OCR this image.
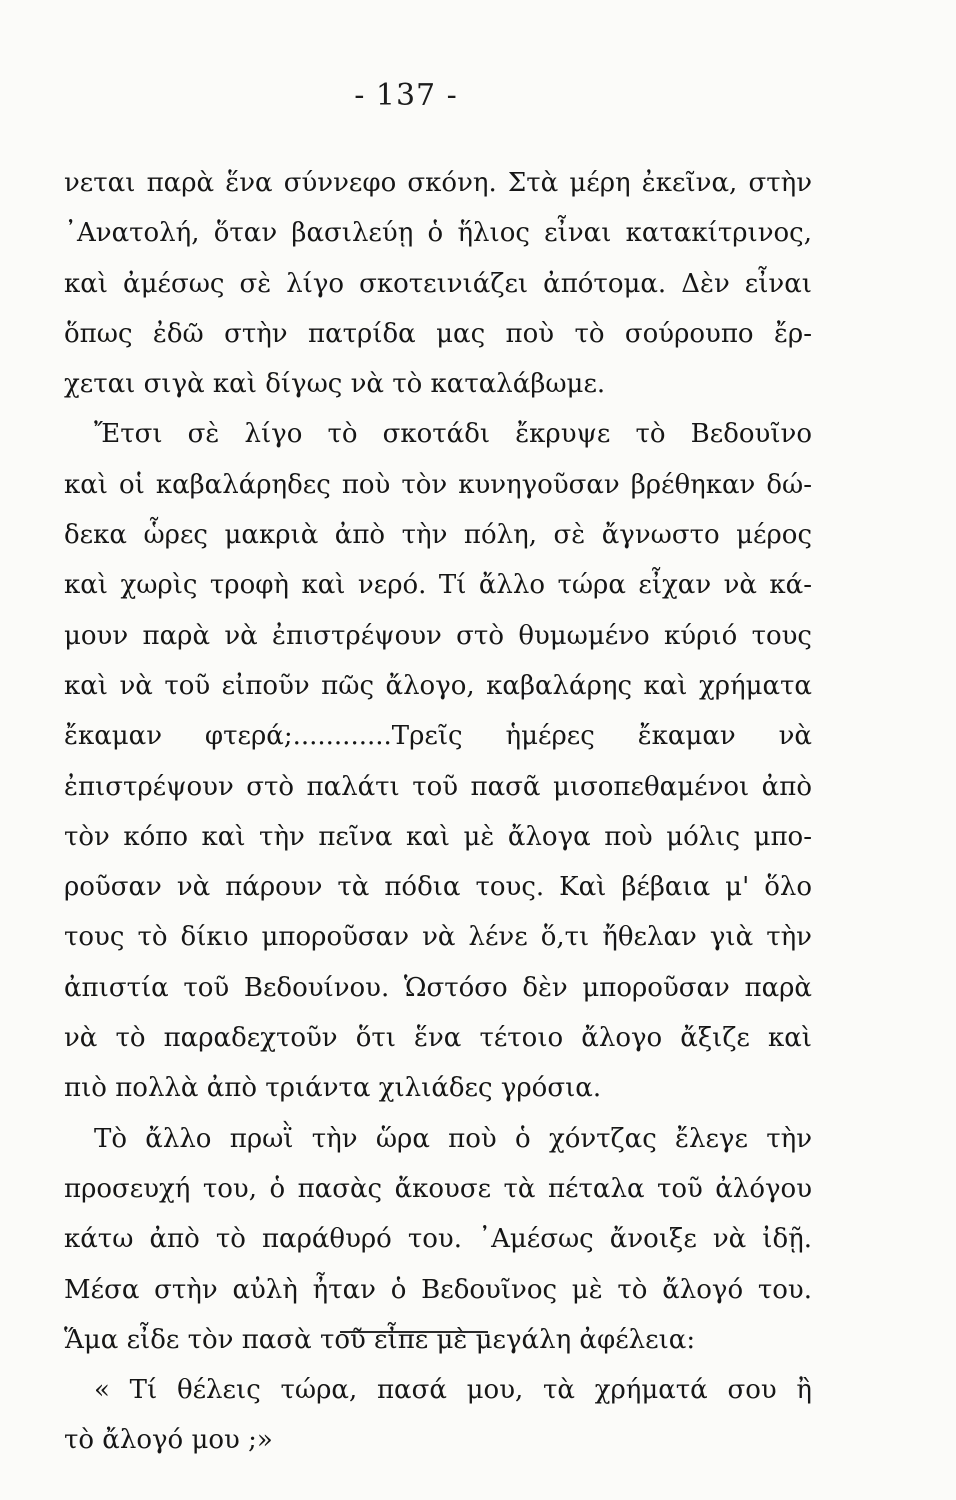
- 137 -
νεται παρὰ ἕνα σύννεφο σκόνη. Στὰ μέρη ἐκεῖνα, στὴν
᾿Ανατολή, ὅταν βασιλεύῃ ὁ ἥλιος εἶναι κατακίτρινος,
καὶ ἀμέσως σὲ λίγο σκοτεινιάζει ἀπότομα. Δὲν εἶναι
ὅπως ἐδῶ στὴν πατρίδα μας ποὺ τὸ σούρουπο ἔρ-
χεται σιγὰ καὶ δίγως νὰ τὸ καταλάβωμε.
Ἔτσι σὲ λίγο τὸ σκοτάδι ἔκρυψε τὸ Βεδουῖνο
καὶ οἱ καβαλάρηδες ποὺ τὸν κυνηγοῦσαν βρέθηκαν δώ-
δεκα ὧρες μακριὰ ἀπὸ τὴν πόλη, σὲ ἄγνωστο μέρος
καὶ χωρὶς τροφὴ καὶ νερό. Τί ἄλλο τώρα εἶχαν νὰ κά-
μουν παρὰ νὰ ἐπιστρέψουν στὸ θυμωμένο κύριό τους
καὶ νὰ τοῦ εἰποῦν πῶς ἄλογο, καβαλάρης καὶ χρήματα
ἔκαμαν φτερά;............Τρεῖς ἡμέρες ἔκαμαν νὰ
ἐπιστρέψουν στὸ παλάτι τοῦ πασᾶ μισοπεθαμένοι ἀπὸ
τὸν κόπο καὶ τὴν πεῖνα καὶ μὲ ἄλογα ποὺ μόλις μπο-
ροῦσαν νὰ πάρουν τὰ πόδια τους. Καὶ βέβαια μ' ὅλο
τους τὸ δίκιο μποροῦσαν νὰ λένε ὅ,τι ἤθελαν γιὰ τὴν
ἀπιστία τοῦ Βεδουίνου. Ὡστόσο δὲν μποροῦσαν παρὰ
νὰ τὸ παραδεχτοῦν ὅτι ἕνα τέτοιο ἄλογο ἄξιζε καὶ
πιὸ πολλὰ ἀπὸ τριάντα χιλιάδες γρόσια.
Τὸ ἄλλο πρωῒ τὴν ὥρα ποὺ ὁ χόντζας ἔλεγε τὴν
προσευχή του, ὁ πασὰς ἄκουσε τὰ πέταλα τοῦ ἀλόγου
κάτω ἀπὸ τὸ παράθυρό του. ᾿Αμέσως ἄνοιξε νὰ ἰδῇ.
Μέσα στὴν αὐλὴ ἦταν ὁ Βεδουῖνος μὲ τὸ ἄλογό του.
Ἅμα εἶδε τὸν πασὰ τοῦ εἶπε μὲ μεγάλη ἀφέλεια:
« Τί θέλεις τώρα, πασά μου, τὰ χρήματά σου ἢ
τὸ ἄλογό μου ;»
